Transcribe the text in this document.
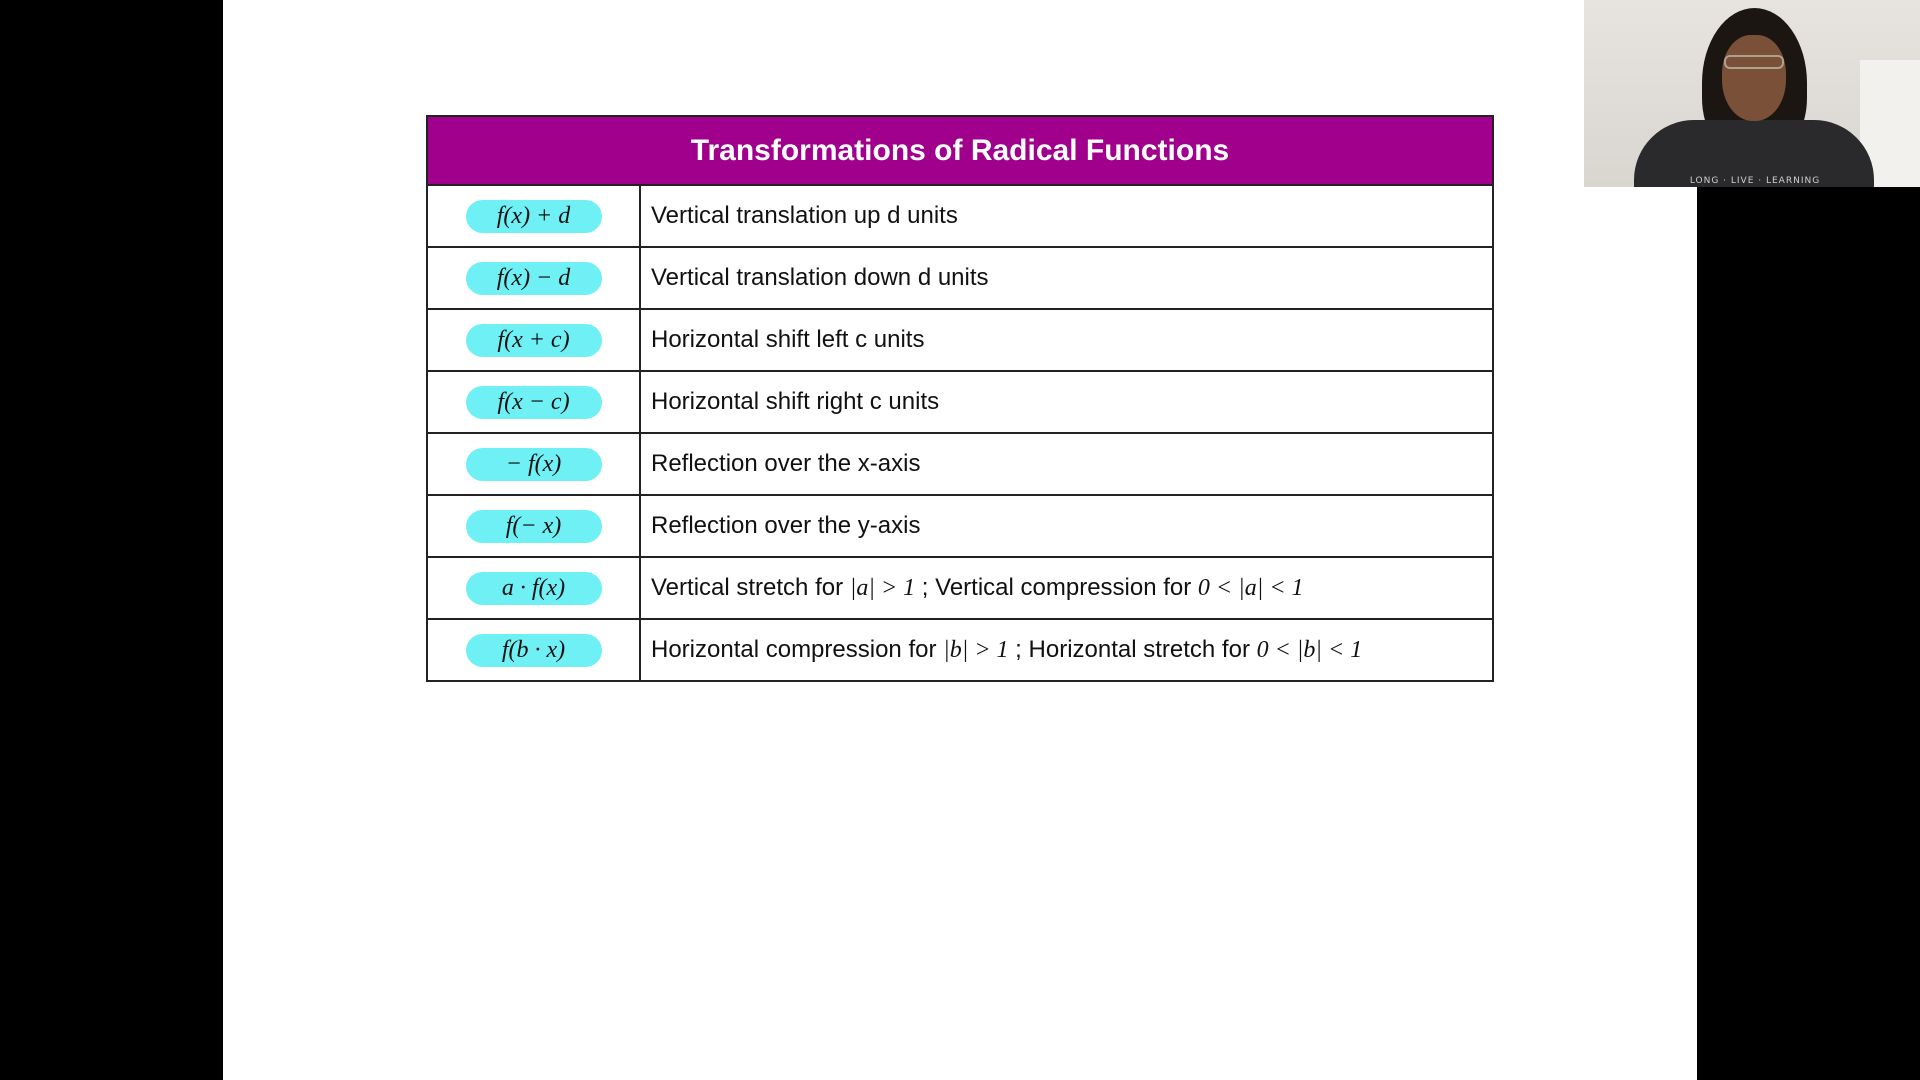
Transformations of Radical Functions
f(x) + d	Vertical translation up d units
f(x) − d	Vertical translation down d units
f(x + c)	Horizontal shift left c units
f(x − c)	Horizontal shift right c units
− f(x)	Reflection over the x-axis
f(− x)	Reflection over the y-axis
a · f(x)	Vertical stretch for |a| > 1 ; Vertical compression for 0 < |a| < 1
f(b · x)	Horizontal compression for |b| > 1 ; Horizontal stretch for 0 < |b| < 1
LONG · LIVE · LEARNING
